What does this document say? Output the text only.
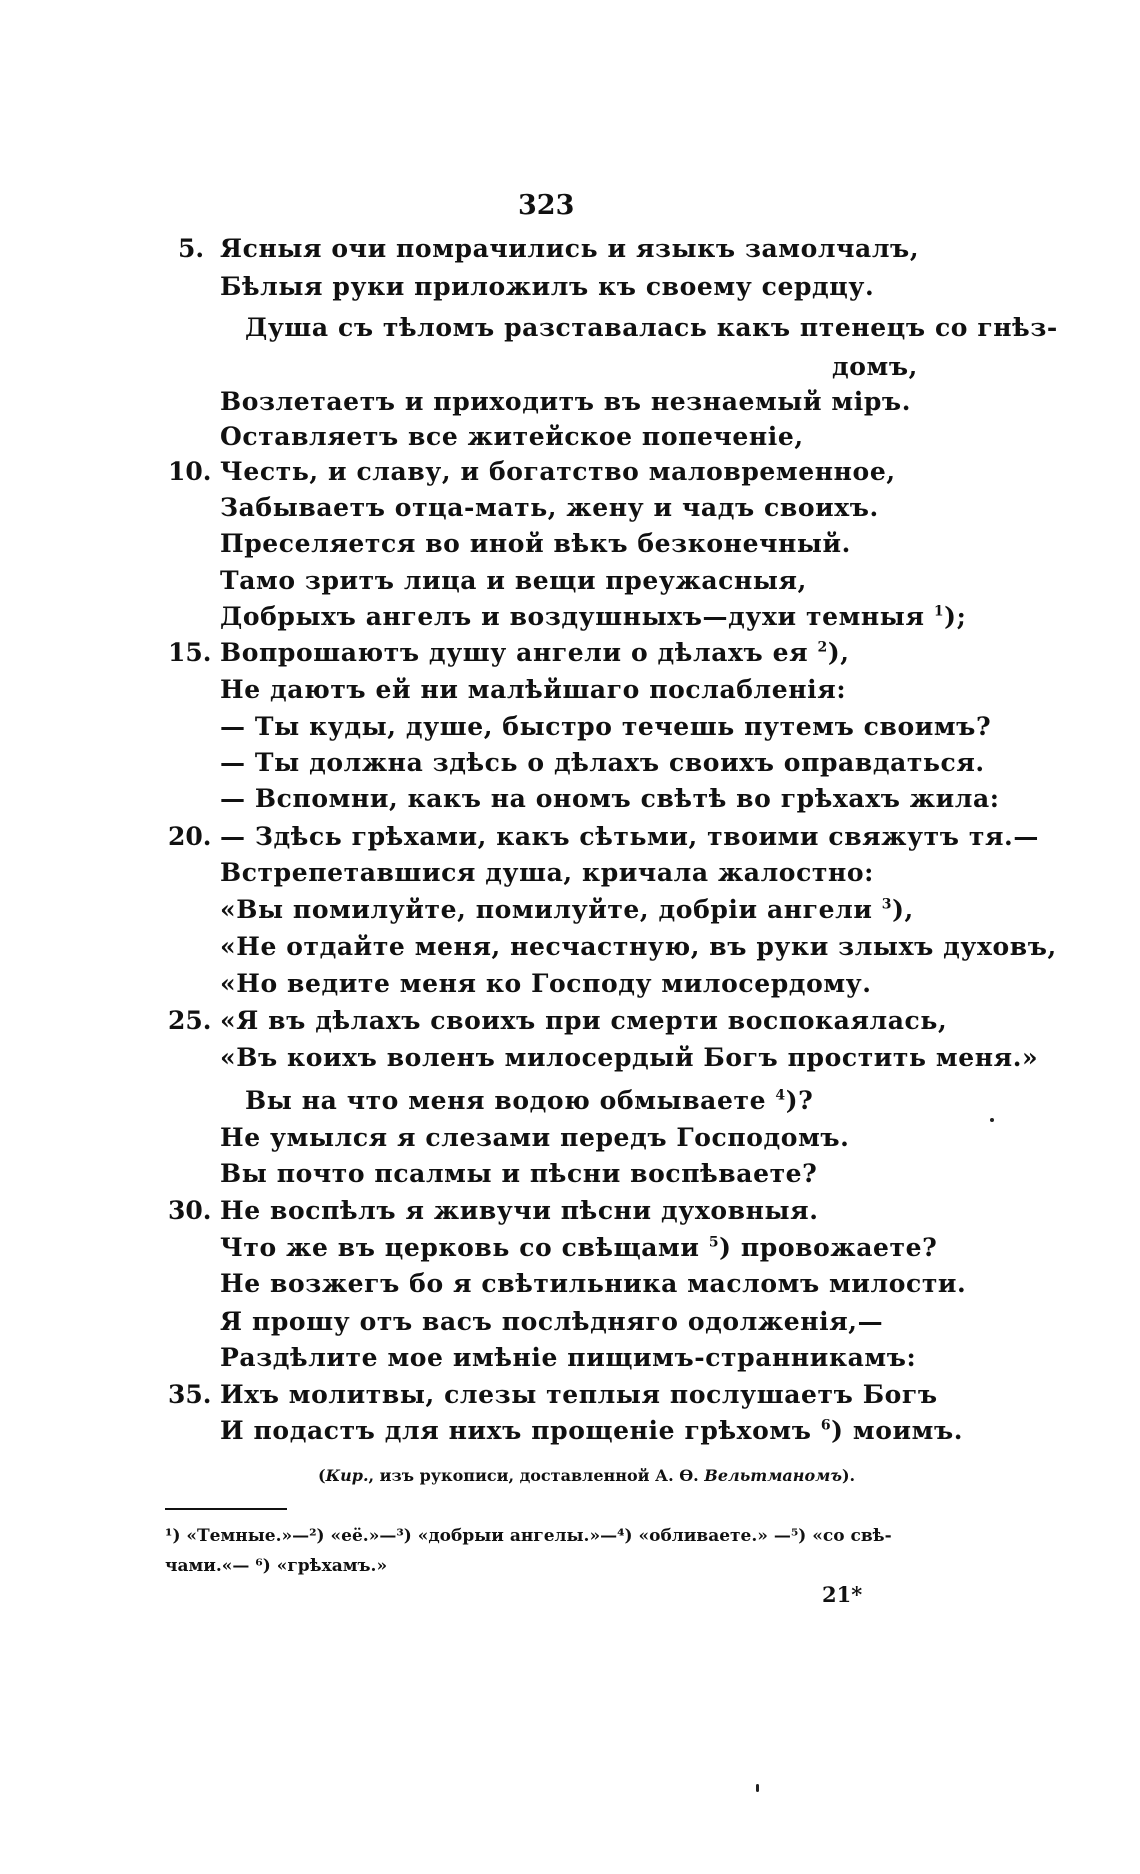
323
5. Ясныя очи помрачились и языкъ замолчалъ,
Бѣлыя руки приложилъ къ своему сердцу.
Душа съ тѣломъ разставалась какъ птенецъ со гнѣз-
домъ,
Возлетаетъ и приходитъ въ незнаемый міръ.
Оставляетъ все житейское попеченіе,
10. Честь, и славу, и богатство маловременное,
Забываетъ отца-мать, жену и чадъ своихъ.
Преселяется во иной вѣкъ безконечный.
Тамо зритъ лица и вещи преужасныя,
Добрыхъ ангелъ и воздушныхъ—духи темныя $^1$);
15. Вопрошаютъ душу ангели о дѣлахъ ея $^2$),
Не даютъ ей ни малѣйшаго послабленія:
— Ты куды, душе, быстро течешь путемъ своимъ?
— Ты должна здѣсь о дѣлахъ своихъ оправдаться.
— Вспомни, какъ на ономъ свѣтѣ во грѣхахъ жила:
20. — Здѣсь грѣхами, какъ сѣтьми, твоими свяжутъ тя.—
Встрепетавшися душа, кричала жалостно:
«Вы помилуйте, помилуйте, добріи ангели $^3$),
«Не отдайте меня, несчастную, въ руки злыхъ духовъ,
«Но ведите меня ко Господу милосердому.
25. «Я въ дѣлахъ своихъ при смерти воспокаялась,
«Въ коихъ воленъ милосердый Богъ простить меня.»
Вы на что меня водою обмываете $^4$)?
Не умылся я слезами передъ Господомъ.
Вы почто псалмы и пѣсни воспѣваете?
30. Не воспѣлъ я живучи пѣсни духовныя.
Что же въ церковь со свѣщами $^5$) провожаете?
Не возжегъ бо я свѣтильника масломъ милости.
Я прошу отъ васъ послѣдняго одолженія,—
Раздѣлите мое имѣніе пищимъ-странникамъ:
35. Ихъ молитвы, слезы теплыя послушаетъ Богъ
И подастъ для нихъ прощеніе грѣхомъ $^6$) моимъ.
(Кир., изъ рукописи, доставленной А. Ө. Вельтманомъ).
¹) «Темные.»—²) «её.»—³) «добрыи ангелы.»—⁴) «обливаете.» —⁵) «со свѣ-
чами.«— ⁶) «грѣхамъ.»
21*
